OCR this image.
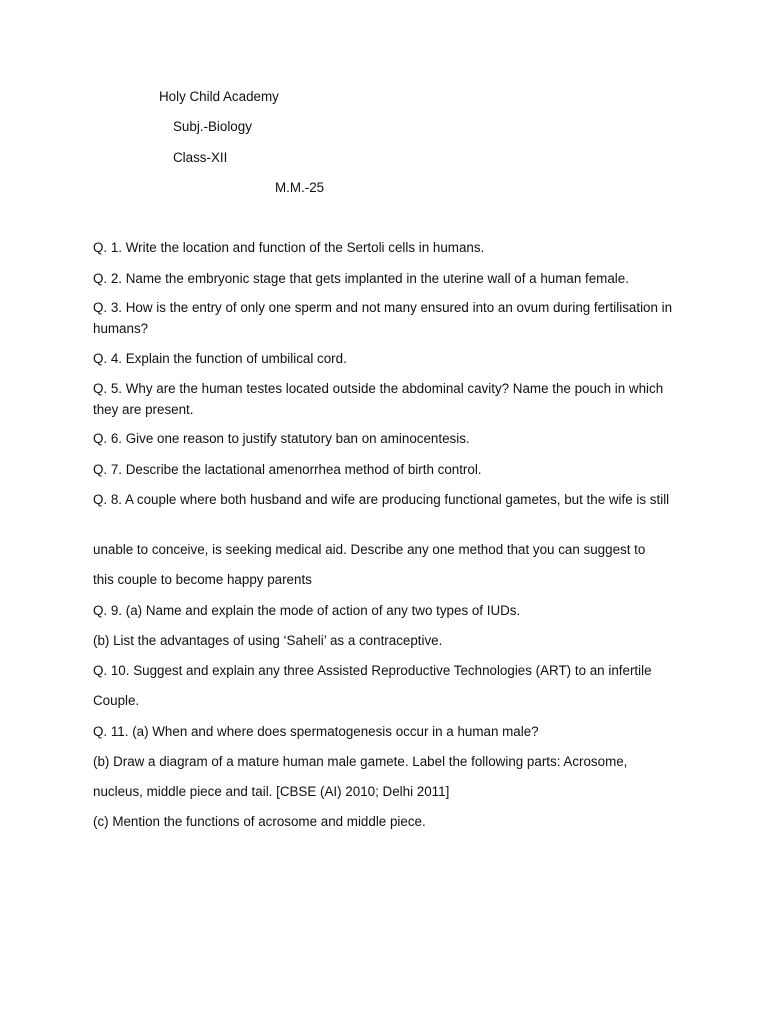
Holy Child Academy
Subj.-Biology
Class-XII
M.M.-25
Q. 1. Write the location and function of the Sertoli cells in humans.
Q. 2. Name the embryonic stage that gets implanted in the uterine wall of a human female.
Q. 3. How is the entry of only one sperm and not many ensured into an ovum during fertilisation in humans?
Q. 4. Explain the function of umbilical cord.
Q. 5. Why are the human testes located outside the abdominal cavity? Name the pouch in which they are present.
Q. 6. Give one reason to justify statutory ban on aminocentesis.
Q. 7. Describe the lactational amenorrhea method of birth control.
Q. 8. A couple where both husband and wife are producing functional gametes, but the wife is still
unable to conceive, is seeking medical aid. Describe any one method that you can suggest to
this couple to become happy parents
Q. 9. (a) Name and explain the mode of action of any two types of IUDs.
(b) List the advantages of using ‘Saheli’ as a contraceptive.
Q. 10. Suggest and explain any three Assisted Reproductive Technologies (ART) to an infertile
Couple.
Q. 11. (a) When and where does spermatogenesis occur in a human male?
(b) Draw a diagram of a mature human male gamete. Label the following parts: Acrosome,
nucleus, middle piece and tail. [CBSE (AI) 2010; Delhi 2011]
(c) Mention the functions of acrosome and middle piece.
